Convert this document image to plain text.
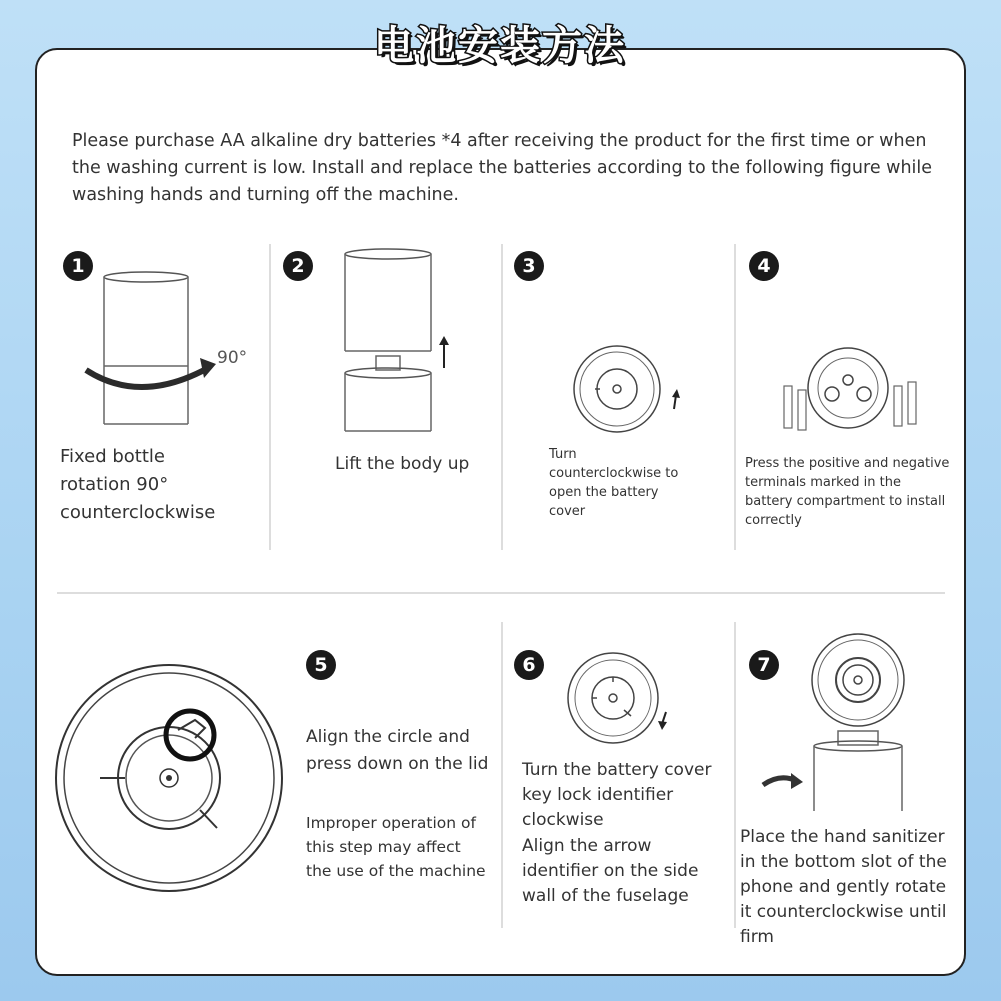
电池安装方法
Please purchase AA alkaline dry batteries *4 after receiving the product for the first time or when the washing current is low. Install and replace the batteries according to the following figure while washing hands and turning off the machine.
1
90°
Fixed bottle rotation 90° counterclockwise
2
Lift the body up
3
Turn counterclockwise to open the battery cover
4
Press the positive and negative terminals marked in the battery compartment to install correctly
5
Align the circle and press down on the lid
Improper operation of this step may affect the use of the machine
6
Turn the battery cover key lock identifier clockwise
Align the arrow identifier on the side wall of the fuselage
7
Place the hand sanitizer in the bottom slot of the phone and gently rotate it counterclockwise until firm
